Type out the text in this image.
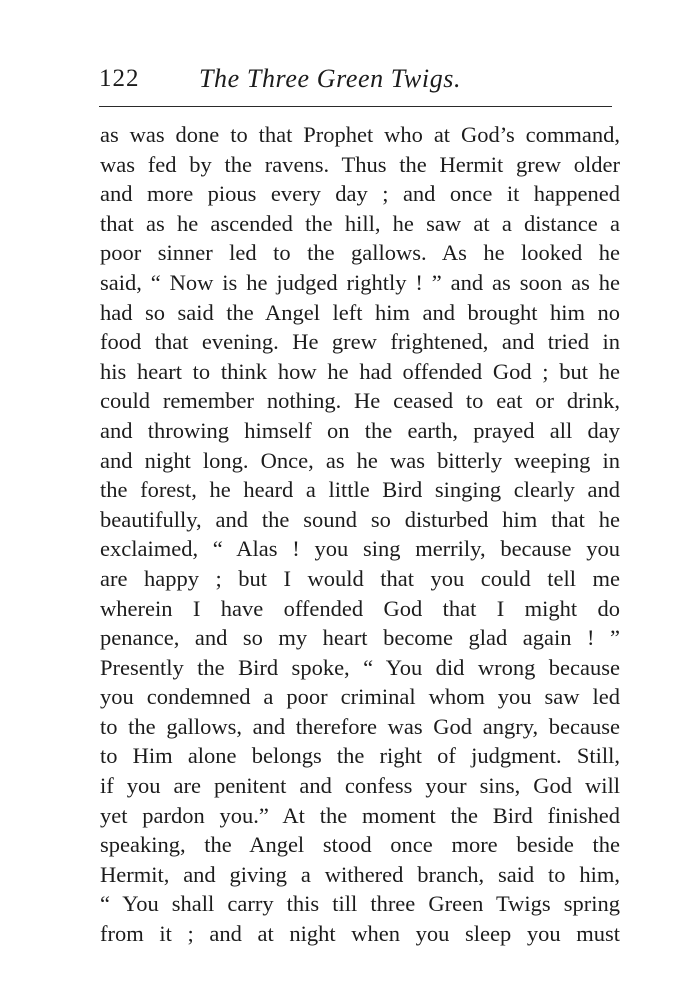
122 The Three Green Twigs.
as was done to that Prophet who at God’s command,
was fed by the ravens. Thus the Hermit grew older
and more pious every day ; and once it happened
that as he ascended the hill, he saw at a distance a
poor sinner led to the gallows. As he looked he
said, “ Now is he judged rightly ! ” and as soon as he
had so said the Angel left him and brought him no
food that evening. He grew frightened, and tried in
his heart to think how he had offended God ; but he
could remember nothing. He ceased to eat or drink,
and throwing himself on the earth, prayed all day
and night long. Once, as he was bitterly weeping in
the forest, he heard a little Bird singing clearly and
beautifully, and the sound so disturbed him that he
exclaimed, “ Alas ! you sing merrily, because you
are happy ; but I would that you could tell me
wherein I have offended God that I might do
penance, and so my heart become glad again ! ”
Presently the Bird spoke, “ You did wrong because
you condemned a poor criminal whom you saw led
to the gallows, and therefore was God angry, because
to Him alone belongs the right of judgment. Still,
if you are penitent and confess your sins, God will
yet pardon you.” At the moment the Bird finished
speaking, the Angel stood once more beside the
Hermit, and giving a withered branch, said to him,
“ You shall carry this till three Green Twigs spring
from it ; and at night when you sleep you must
